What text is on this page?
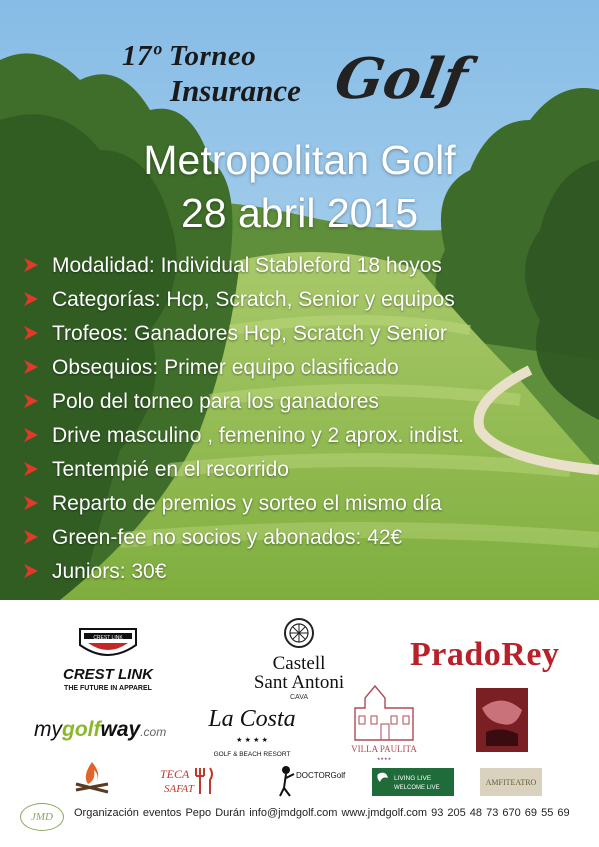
17º Torneo
Insurance Golf
Metropolitan Golf
28 abril 2015
Modalidad: Individual Stableford 18 hoyos
Categorías: Hcp, Scratch, Senior y equipos
Trofeos: Ganadores Hcp, Scratch y Senior
Obsequios: Primer equipo clasificado
Polo del torneo para los ganadores
Drive masculino , femenino y 2 aprox. indist.
Tentempié en el recorrido
Reparto de premios y sorteo el mismo día
Green-fee no socios y abonados: 42€
Juniors: 30€
CREST LINK
CREST LINK
THE FUTURE IN APPAREL
Castell
Sant Antoni
CAVA
PradoRey
mygolfway.com La Costa
★ ★ ★ ★
GOLF & BEACH RESORT
VILLA PAULITA
★★★★
TECA
SAFAT
DOCTORGolf	LIVING LIVE
WELCOME LIVE
AMFITEATRO
JMD	Organización eventos Pepo Durán info@jmdgolf.com www.jmdgolf.com 93 205 48 73 670 69 55 69
